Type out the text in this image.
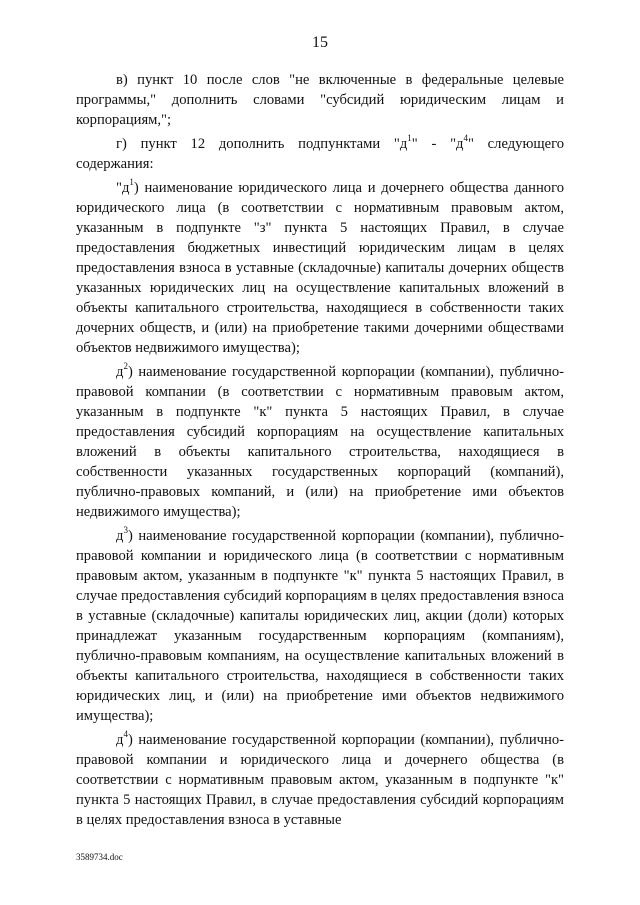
15

в) пункт 10 после слов "не включенные в федеральные целевые программы," дополнить словами "субсидий юридическим лицам и корпорациям,";

г) пункт 12 дополнить подпунктами "$д^1$" - "$д^4$" следующего содержания:

"$д^1$) наименование юридического лица и дочернего общества данного юридического лица (в соответствии с нормативным правовым актом, указанным в подпункте "з" пункта 5 настоящих Правил, в случае предоставления бюджетных инвестиций юридическим лицам в целях предоставления взноса в уставные (складочные) капиталы дочерних обществ указанных юридических лиц на осуществление капитальных вложений в объекты капитального строительства, находящиеся в собственности таких дочерних обществ, и (или) на приобретение такими дочерними обществами объектов недвижимого имущества);

$д^2$) наименование государственной корпорации (компании), публично-правовой компании (в соответствии с нормативным правовым актом, указанным в подпункте "к" пункта 5 настоящих Правил, в случае предоставления субсидий корпорациям на осуществление капитальных вложений в объекты капитального строительства, находящиеся в собственности указанных государственных корпораций (компаний), публично-правовых компаний, и (или) на приобретение ими объектов недвижимого имущества);

$д^3$) наименование государственной корпорации (компании), публично-правовой компании и юридического лица (в соответствии с нормативным правовым актом, указанным в подпункте "к" пункта 5 настоящих Правил, в случае предоставления субсидий корпорациям в целях предоставления взноса в уставные (складочные) капиталы юридических лиц, акции (доли) которых принадлежат указанным государственным корпорациям (компаниям), публично-правовым компаниям, на осуществление капитальных вложений в объекты капитального строительства, находящиеся в собственности таких юридических лиц, и (или) на приобретение ими объектов недвижимого имущества);

$д^4$) наименование государственной корпорации (компании), публично-правовой компании и юридического лица и дочернего общества (в соответствии с нормативным правовым актом, указанным в подпункте "к" пункта 5 настоящих Правил, в случае предоставления субсидий корпорациям в целях предоставления взноса в уставные

3589734.doc
